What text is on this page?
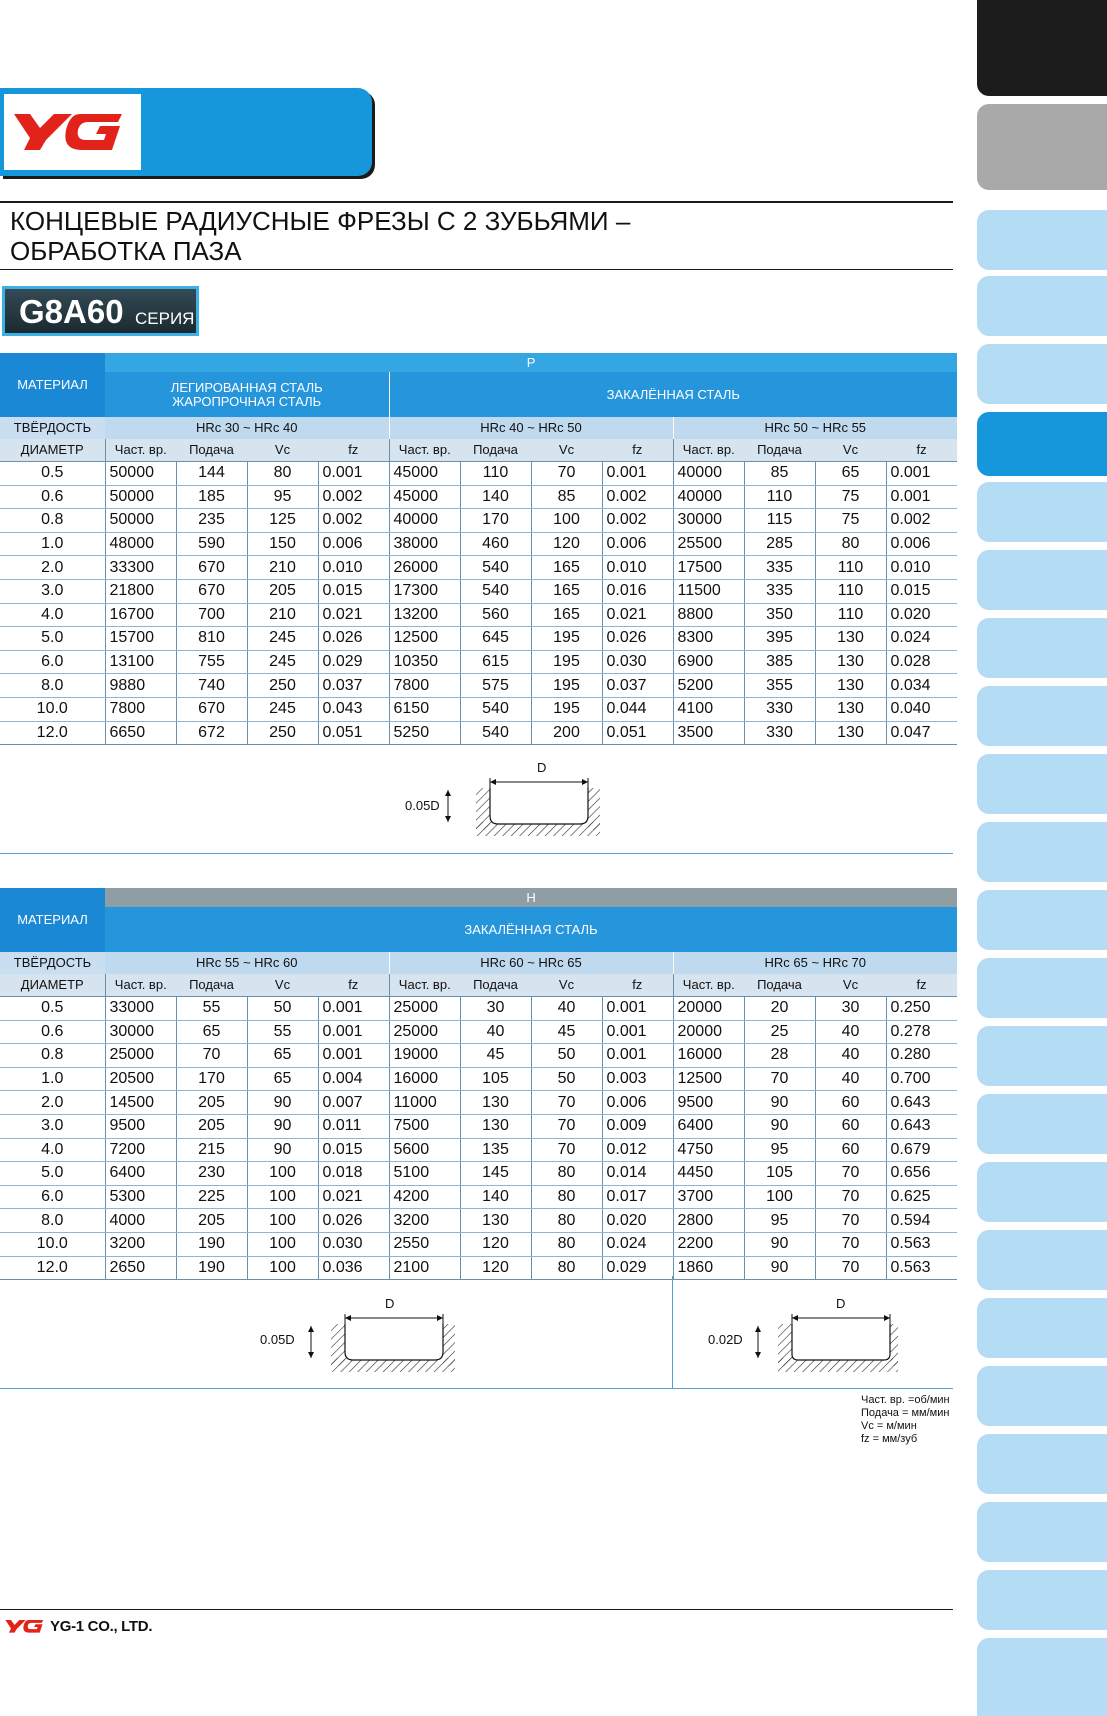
КОНЦЕВЫЕ РАДИУСНЫЕ ФРЕЗЫ С 2 ЗУБЬЯМИ –
ОБРАБОТКА ПАЗА
G8A60 СЕРИЯ
МАТЕРИАЛ	P											

	ЛЕГИРОВАННАЯ СТАЛЬ
ЖАРОПРОЧНАЯ СТАЛЬ				ЗАКАЛЁННАЯ СТАЛЬ							
ТВЁРДОСТЬ	HRc 30 ~ HRc 40				HRc 40 ~ HRc 50				HRc 50 ~ HRc 55			
ДИАМЕТР	Част. вр.	Подача	Vc	fz	Част. вр.	Подача	Vc	fz	Част. вр.	Подача	Vc	fz
0.5	50000	144	80	0.001	45000	110	70	0.001	40000	85	65	0.001
0.6	50000	185	95	0.002	45000	140	85	0.002	40000	110	75	0.001
0.8	50000	235	125	0.002	40000	170	100	0.002	30000	115	75	0.002
1.0	48000	590	150	0.006	38000	460	120	0.006	25500	285	80	0.006
2.0	33300	670	210	0.010	26000	540	165	0.010	17500	335	110	0.010
3.0	21800	670	205	0.015	17300	540	165	0.016	11500	335	110	0.015
4.0	16700	700	210	0.021	13200	560	165	0.021	8800	350	110	0.020
5.0	15700	810	245	0.026	12500	645	195	0.026	8300	395	130	0.024
6.0	13100	755	245	0.029	10350	615	195	0.030	6900	385	130	0.028
8.0	9880	740	250	0.037	7800	575	195	0.037	5200	355	130	0.034
10.0	7800	670	245	0.043	6150	540	195	0.044	4100	330	130	0.040
12.0	6650	672	250	0.051	5250	540	200	0.051	3500	330	130	0.047
D
0.05D
МАТЕРИАЛ	H											
	ЗАКАЛЁННАЯ СТАЛЬ											
ТВЁРДОСТЬ	HRc 55 ~ HRc 60				HRc 60 ~ HRc 65				HRc 65 ~ HRc 70			
ДИАМЕТР	Част. вр.	Подача	Vc	fz	Част. вр.	Подача	Vc	fz	Част. вр.	Подача	Vc	fz
0.5	33000	55	50	0.001	25000	30	40	0.001	20000	20	30	0.250
0.6	30000	65	55	0.001	25000	40	45	0.001	20000	25	40	0.278
0.8	25000	70	65	0.001	19000	45	50	0.001	16000	28	40	0.280
1.0	20500	170	65	0.004	16000	105	50	0.003	12500	70	40	0.700
2.0	14500	205	90	0.007	11000	130	70	0.006	9500	90	60	0.643
3.0	9500	205	90	0.011	7500	130	70	0.009	6400	90	60	0.643
4.0	7200	215	90	0.015	5600	135	70	0.012	4750	95	60	0.679
5.0	6400	230	100	0.018	5100	145	80	0.014	4450	105	70	0.656
6.0	5300	225	100	0.021	4200	140	80	0.017	3700	100	70	0.625
8.0	4000	205	100	0.026	3200	130	80	0.020	2800	95	70	0.594
10.0	3200	190	100	0.030	2550	120	80	0.024	2200	90	70	0.563
12.0	2650	190	100	0.036	2100	120	80	0.029	1860	90	70	0.563
D
0.05D
D
0.02D
Част. вр. =об/мин
Подача = мм/мин
Vc = м/мин
fz = мм/зуб
YG-1 CO., LTD.
